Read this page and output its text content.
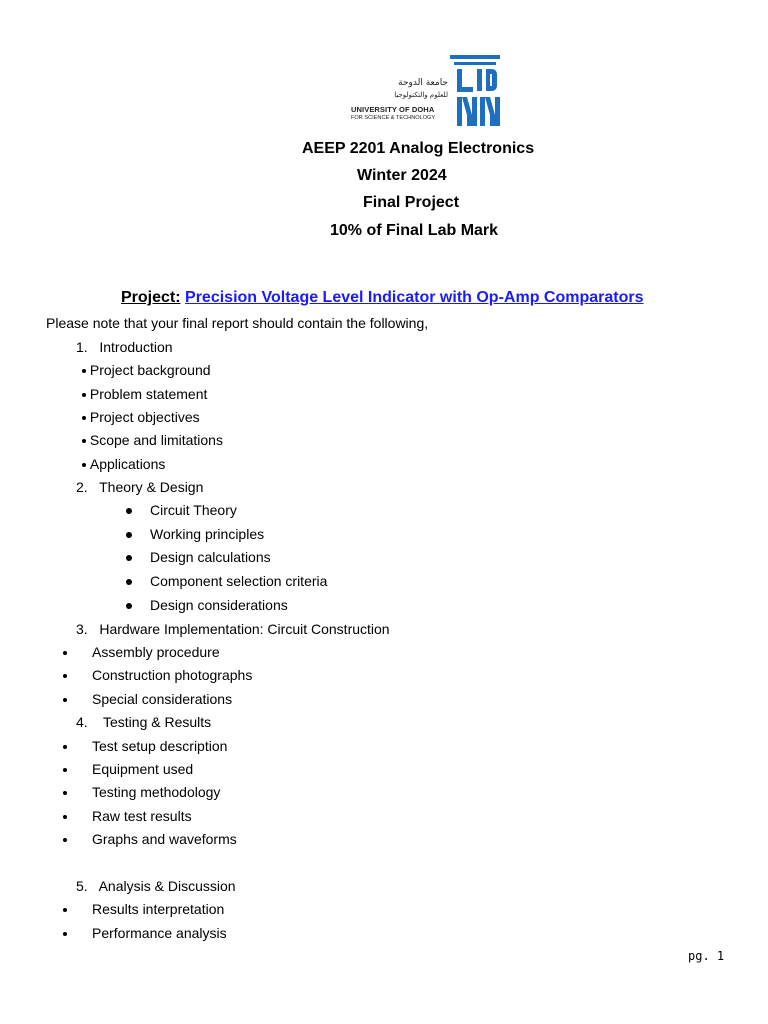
جامعة الدوحة
للعلوم والتكنولوجيا
UNIVERSITY OF DOHA
FOR SCIENCE & TECHNOLOGY
AEEP 2201 Analog Electronics
Winter 2024
Final Project
10% of Final Lab Mark
Project: Precision Voltage Level Indicator with Op-Amp Comparators
Please note that your final report should contain the following,
1. Introduction
Project background
Problem statement
Project objectives
Scope and limitations
Applications
2. Theory & Design
Circuit Theory
Working principles
Design calculations
Component selection criteria
Design considerations
3. Hardware Implementation: Circuit Construction
Assembly procedure
Construction photographs
Special considerations
4. Testing & Results
Test setup description
Equipment used
Testing methodology
Raw test results
Graphs and waveforms
5. Analysis & Discussion
Results interpretation
Performance analysis
pg. 1
